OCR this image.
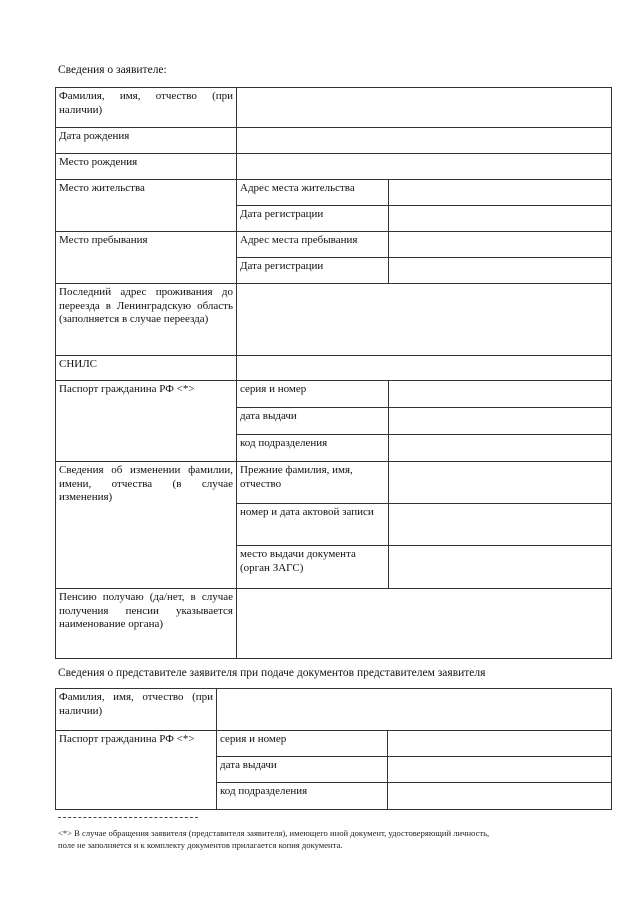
Сведения о заявителе:
Фамилия, имя, отчество (при наличии)		
Дата рождения		
Место рождения		
Место жительства	Адрес места жительства	
	Дата регистрации	
Место пребывания	Адрес места пребывания	
	Дата регистрации	
Последний адрес проживания до переезда в Ленинградскую область (заполняется в случае переезда)		
СНИЛС		
Паспорт гражданина РФ <*>	серия и номер	
	дата выдачи	
	код подразделения	
Сведения об изменении фамилии, имени, отчества (в случае изменения)	Прежние фамилия, имя, отчество	
	номер и дата актовой записи	
	место выдачи документа (орган ЗАГС)	
Пенсию получаю (да/нет, в случае получения пенсии указывается наименование органа)		
Сведения о представителе заявителя при подаче документов представителем заявителя
Фамилия, имя, отчество (при наличии)		
Паспорт гражданина РФ <*>	серия и номер	
	дата выдачи	
	код подразделения	
<*> В случае обращения заявителя (представителя заявителя), имеющего иной документ, удостоверяющий личность,
поле не заполняется и к комплекту документов прилагается копия документа.
